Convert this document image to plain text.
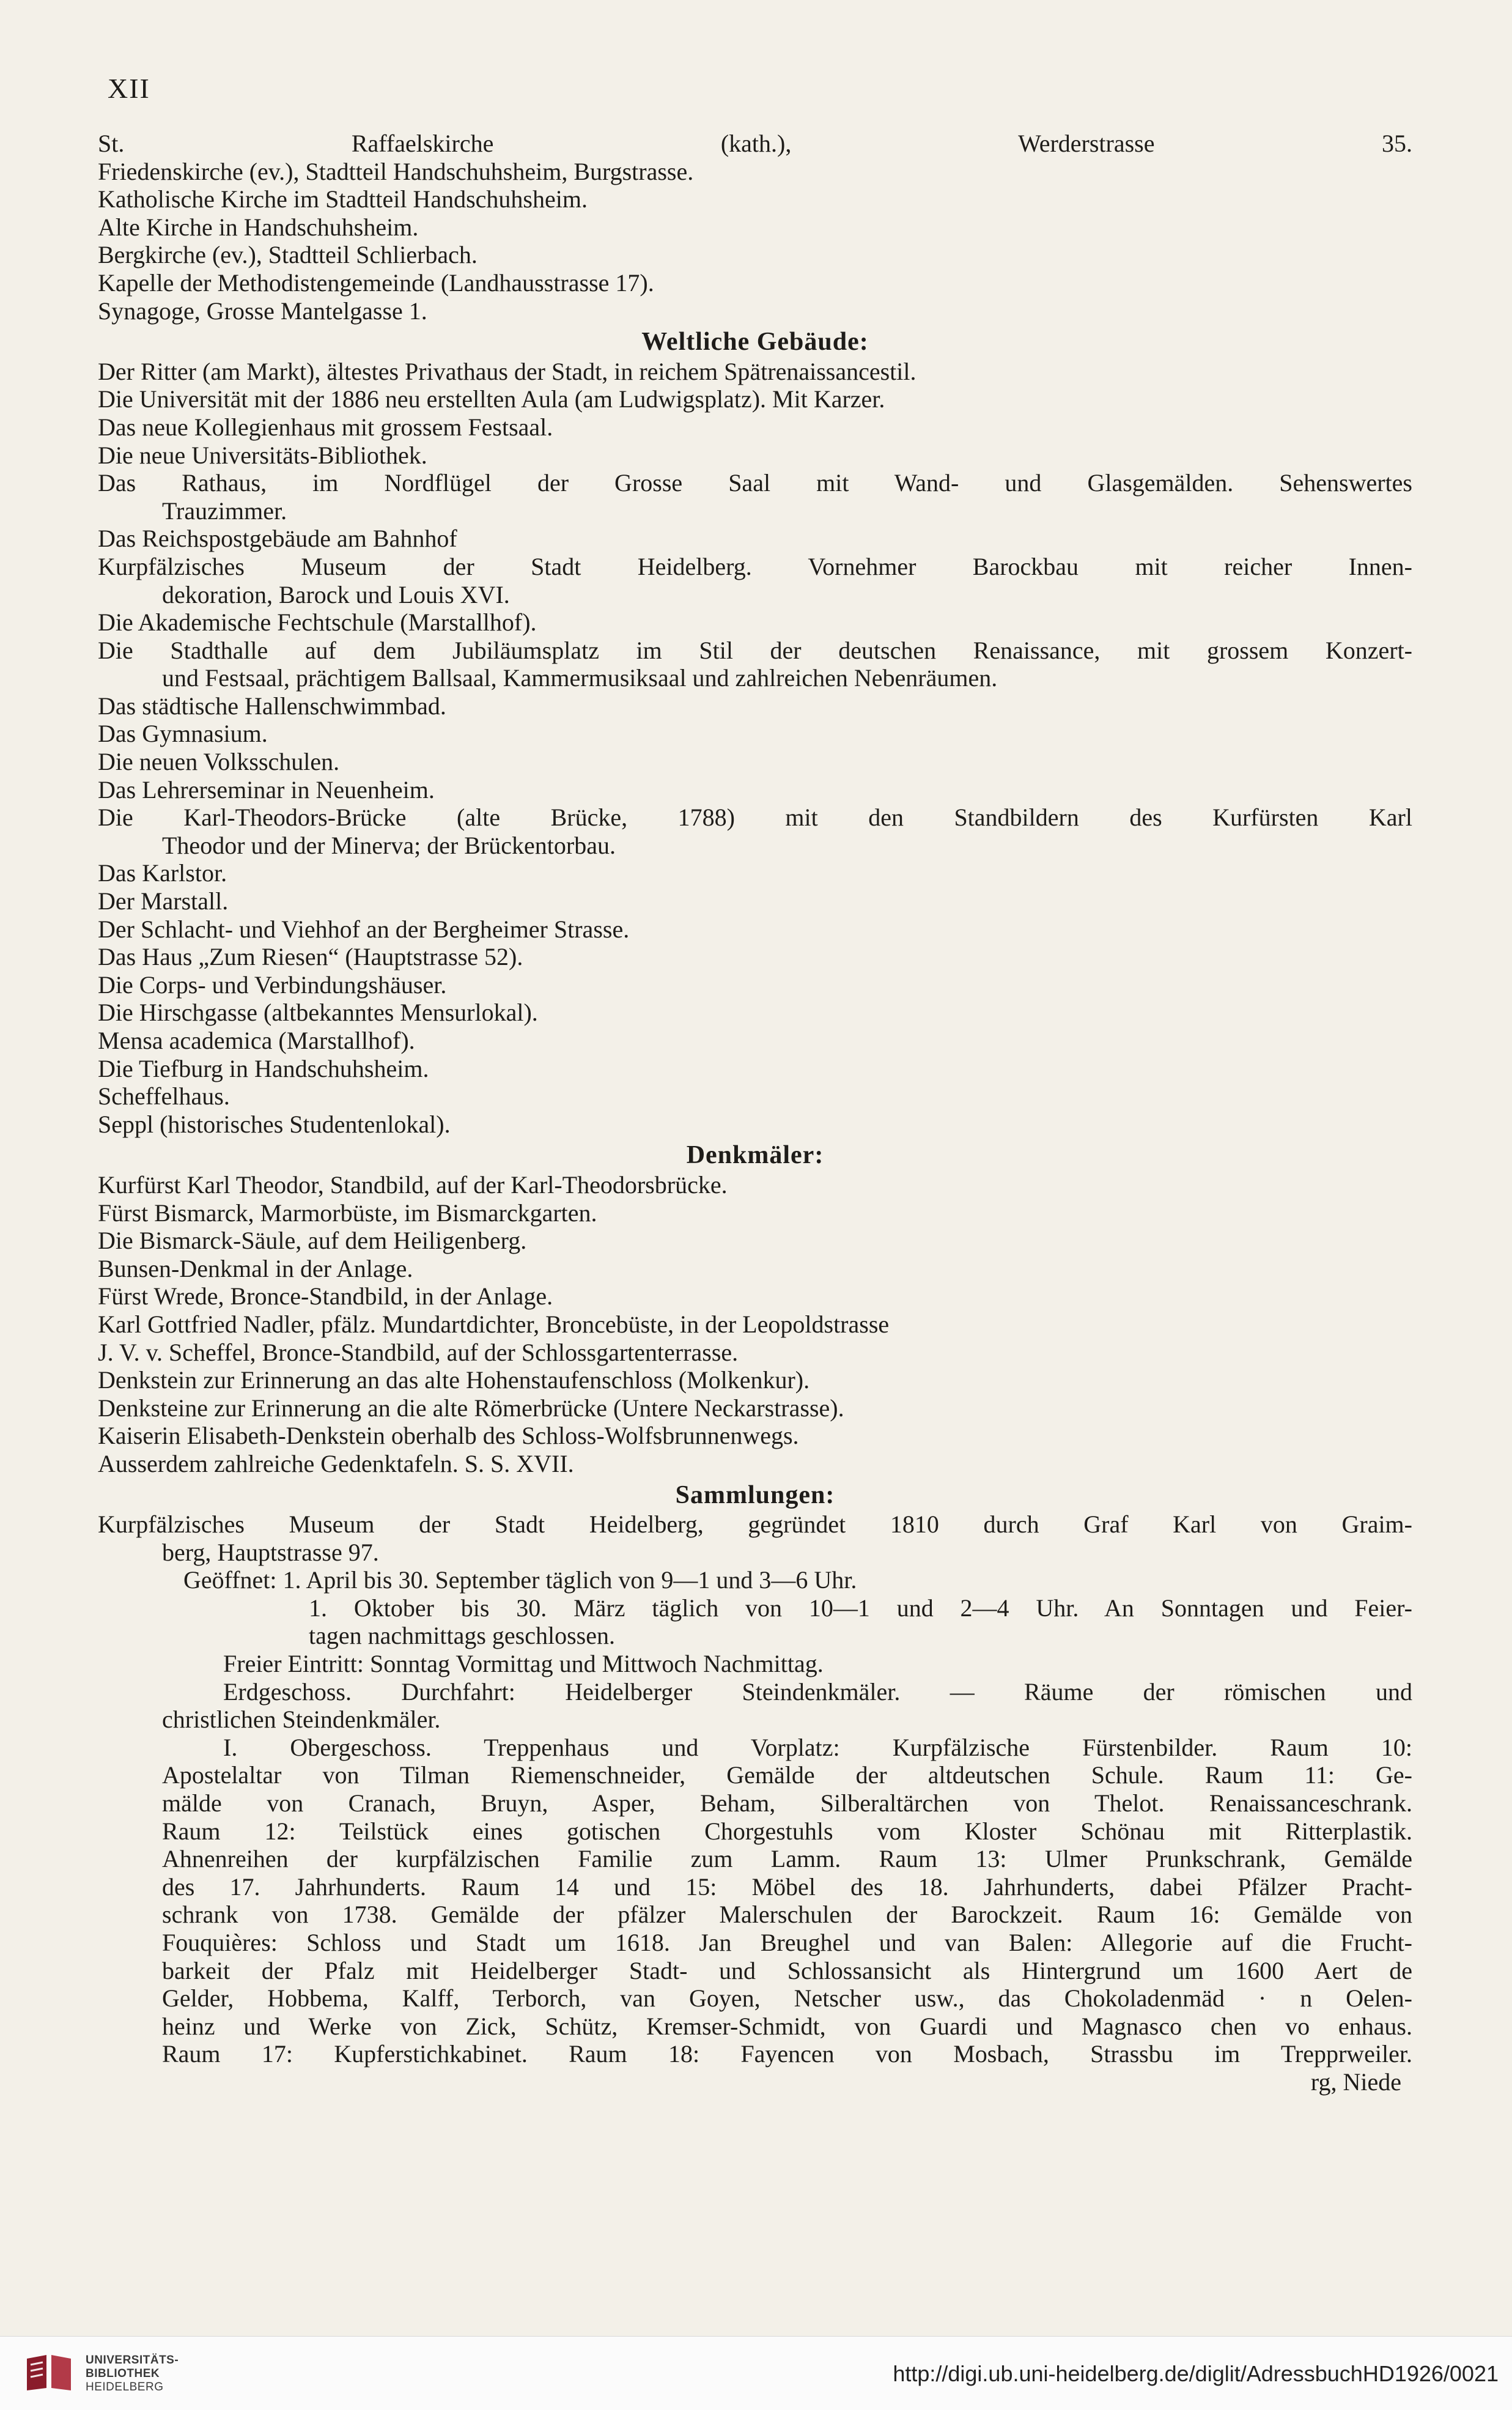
XII
St. Raffaelskirche (kath.), Werderstrasse 35.
Friedenskirche (ev.), Stadtteil Handschuhsheim, Burgstrasse.
Katholische Kirche im Stadtteil Handschuhsheim.
Alte Kirche in Handschuhsheim.
Bergkirche (ev.), Stadtteil Schlierbach.
Kapelle der Methodistengemeinde (Landhausstrasse 17).
Synagoge, Grosse Mantelgasse 1.
Weltliche Gebäude:
Der Ritter (am Markt), ältestes Privathaus der Stadt, in reichem Spätrenaissancestil.
Die Universität mit der 1886 neu erstellten Aula (am Ludwigsplatz). Mit Karzer.
Das neue Kollegienhaus mit grossem Festsaal.
Die neue Universitäts-Bibliothek.
Das Rathaus, im Nordflügel der Grosse Saal mit Wand- und Glasgemälden. Sehenswertes
Trauzimmer.
Das Reichspostgebäude am Bahnhof
Kurpfälzisches Museum der Stadt Heidelberg. Vornehmer Barockbau mit reicher Innen-
dekoration, Barock und Louis XVI.
Die Akademische Fechtschule (Marstallhof).
Die Stadthalle auf dem Jubiläumsplatz im Stil der deutschen Renaissance, mit grossem Konzert-
und Festsaal, prächtigem Ballsaal, Kammermusiksaal und zahlreichen Nebenräumen.
Das städtische Hallenschwimmbad.
Das Gymnasium.
Die neuen Volksschulen.
Das Lehrerseminar in Neuenheim.
Die Karl-Theodors-Brücke (alte Brücke, 1788) mit den Standbildern des Kurfürsten Karl
Theodor und der Minerva; der Brückentorbau.
Das Karlstor.
Der Marstall.
Der Schlacht- und Viehhof an der Bergheimer Strasse.
Das Haus „Zum Riesen“ (Hauptstrasse 52).
Die Corps- und Verbindungshäuser.
Die Hirschgasse (altbekanntes Mensurlokal).
Mensa academica (Marstallhof).
Die Tiefburg in Handschuhsheim.
Scheffelhaus.
Seppl (historisches Studentenlokal).
Denkmäler:
Kurfürst Karl Theodor, Standbild, auf der Karl-Theodorsbrücke.
Fürst Bismarck, Marmorbüste, im Bismarckgarten.
Die Bismarck-Säule, auf dem Heiligenberg.
Bunsen-Denkmal in der Anlage.
Fürst Wrede, Bronce-Standbild, in der Anlage.
Karl Gottfried Nadler, pfälz. Mundartdichter, Broncebüste, in der Leopoldstrasse
J. V. v. Scheffel, Bronce-Standbild, auf der Schlossgartenterrasse.
Denkstein zur Erinnerung an das alte Hohenstaufenschloss (Molkenkur).
Denksteine zur Erinnerung an die alte Römerbrücke (Untere Neckarstrasse).
Kaiserin Elisabeth-Denkstein oberhalb des Schloss-Wolfsbrunnenwegs.
Ausserdem zahlreiche Gedenktafeln. S. S. XVII.
Sammlungen:
Kurpfälzisches Museum der Stadt Heidelberg, gegründet 1810 durch Graf Karl von Graim-
berg, Hauptstrasse 97.
Geöffnet: 1. April bis 30. September täglich von 9—1 und 3—6 Uhr.
1. Oktober bis 30. März täglich von 10—1 und 2—4 Uhr. An Sonntagen und Feier-
tagen nachmittags geschlossen.
Freier Eintritt: Sonntag Vormittag und Mittwoch Nachmittag.
Erdgeschoss. Durchfahrt: Heidelberger Steindenkmäler. — Räume der römischen und
christlichen Steindenkmäler.
I. Obergeschoss. Treppenhaus und Vorplatz: Kurpfälzische Fürstenbilder. Raum 10:
Apostelaltar von Tilman Riemenschneider, Gemälde der altdeutschen Schule. Raum 11: Ge-
mälde von Cranach, Bruyn, Asper, Beham, Silberaltärchen von Thelot. Renaissanceschrank.
Raum 12: Teilstück eines gotischen Chorgestuhls vom Kloster Schönau mit Ritterplastik.
Ahnenreihen der kurpfälzischen Familie zum Lamm. Raum 13: Ulmer Prunkschrank, Gemälde
des 17. Jahrhunderts. Raum 14 und 15: Möbel des 18. Jahrhunderts, dabei Pfälzer Pracht-
schrank von 1738. Gemälde der pfälzer Malerschulen der Barockzeit. Raum 16: Gemälde von
Fouquières: Schloss und Stadt um 1618. Jan Breughel und van Balen: Allegorie auf die Frucht-
barkeit der Pfalz mit Heidelberger Stadt- und Schlossansicht als Hintergrund um 1600 Aert de
Gelder, Hobbema, Kalff, Terborch, van Goyen, Netscher usw., das Chokoladenmäd · n Oelen-
heinz und Werke von Zick, Schütz, Kremser-Schmidt, von Guardi und Magnasco chen vo enhaus.
Raum 17: Kupferstichkabinet. Raum 18: Fayencen von Mosbach, Strassbu im Trepprweiler.
rg, Niede
UNIVERSITÄTS-
BIBLIOTHEK
HEIDELBERG
http://digi.ub.uni-heidelberg.de/diglit/AdressbuchHD1926/0021
